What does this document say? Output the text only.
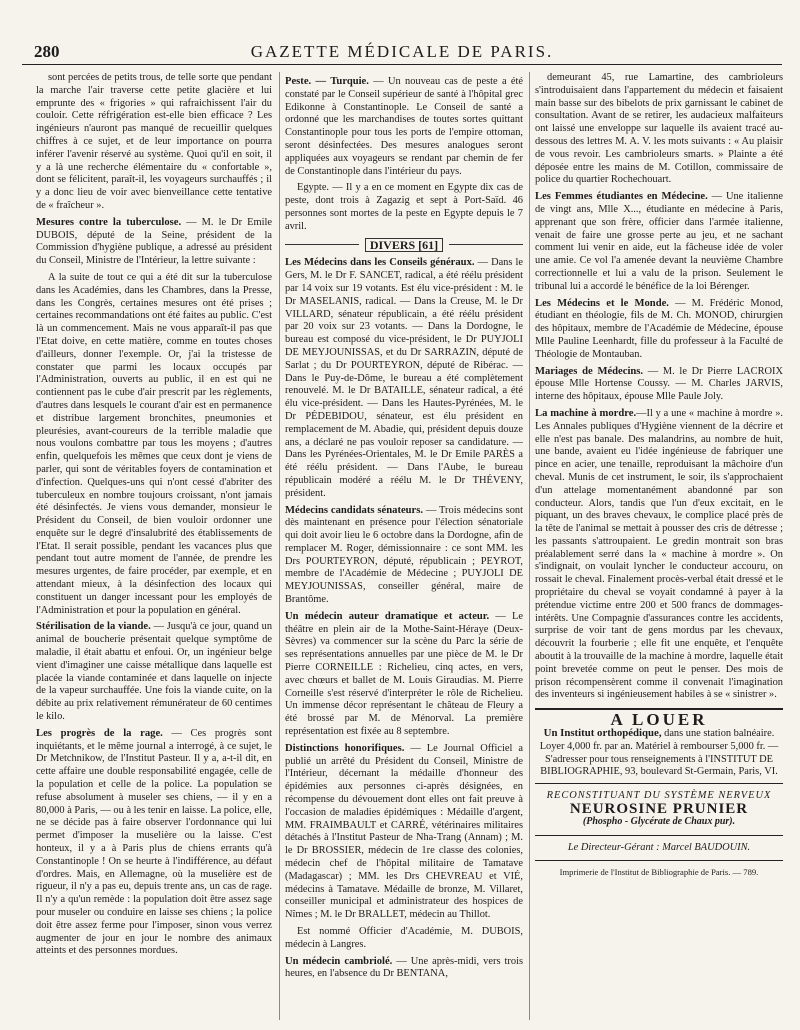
280	GAZETTE MÉDICALE DE PARIS.

sont percées de petits trous, de telle sorte que pendant la marche l'air traverse cette petite glacière et lui emprunte des « frigories » qui rafraichissent l'air du couloir. Cette réfrigération est-elle bien efficace ? Les ingénieurs n'auront pas manqué de recueillir quelques chiffres à ce sujet, et de leur importance on pourra inférer l'avenir réservé au système. Quoi qu'il en soit, il y a là une recherche élémentaire du « confortable », dont se félicitent, paraît-il, les voyageurs surchauffés ; il y a donc lieu de voir avec bienveillance cette tentative de « fraîcheur ».

Mesures contre la tuberculose. — M. le Dr Emile DUBOIS, député de la Seine, président de la Commission d'hygiène publique, a adressé au président du Conseil, Ministre de l'Intérieur, la lettre suivante :

A la suite de tout ce qui a été dit sur la tuberculose dans les Académies, dans les Chambres, dans la Presse, dans les Congrès, certaines mesures ont été prises ; certaines recommandations ont été faites au public. C'est là un commencement. Mais ne vous apparaît-il pas que l'Etat doive, en cette matière, comme en toutes choses d'ailleurs, donner l'exemple. Or, j'ai la tristesse de constater que parmi les locaux occupés par l'Administration, ouverts au public, il en est qui ne contiennent pas le cube d'air prescrit par les règlements, d'autres dans lesquels le courant d'air est en permanence et distribue largement bronchites, pneumonies et pleurésies, avant-coureurs de la terrible maladie que nous voulons combattre par tous les moyens ; d'autres enfin, quelquefois les mêmes que ceux dont je viens de parler, qui sont de véritables foyers de contamination et d'infection. Quelques-uns qui n'ont cessé d'abriter des tuberculeux en nombre toujours croissant, n'ont jamais été désinfectés. Je viens vous demander, monsieur le Président du Conseil, de bien vouloir ordonner une enquête sur le degré d'insalubrité des établissements de l'Etat. Il serait possible, pendant les vacances plus que pendant tout autre moment de l'année, de prendre les mesures urgentes, de faire procéder, par exemple, et en attendant mieux, à la désinfection des locaux qui constituent un danger incessant pour les employés de l'Administration et pour la population en général.

Stérilisation de la viande. — Jusqu'à ce jour, quand un animal de boucherie présentait quelque symptôme de maladie, il était abattu et enfoui. Or, un ingénieur belge vient d'imaginer une caisse métallique dans laquelle est placée la viande contaminée et dans laquelle on injecte de la vapeur surchauffée. Une fois la viande cuite, on la débite au prix relativement rémunérateur de 60 centimes le kilo.

Les progrès de la rage. — Ces progrès sont inquiétants, et le même journal a interrogé, à ce sujet, le Dr Metchnikow, de l'Institut Pasteur. Il y a, a-t-il dit, en cette affaire une double responsabilité engagée, celle de la population et celle de la police. La population se refuse absolument à museler ses chiens, — il y en a 80,000 à Paris, — ou à les tenir en laisse. La police, elle, ne se décide pas à faire observer l'ordonnance qui lui permet d'imposer la muselière ou la laisse. C'est honteux, il y a à Paris plus de chiens errants qu'à Constantinople ! On se heurte à l'indifférence, au défaut d'ordres. Mais, en Allemagne, où la muselière est de rigueur, il n'y a pas eu, depuis trente ans, un cas de rage. Il n'y a qu'un remède : la population doit être assez sage pour museler ou conduire en laisse ses chiens ; la police doit être assez ferme pour l'imposer, sinon vous verrez augmenter de jour en jour le nombre des animaux atteints et des personnes mordues.

Peste. — Turquie. — Un nouveau cas de peste a été constaté par le Conseil supérieur de santé à l'hôpital grec Edikonne à Constantinople. Le Conseil de santé a ordonné que les marchandises de toutes sortes quittant Constantinople pour tous les ports de l'empire ottoman, seront désinfectées. Des mesures analogues seront appliquées aux voyageurs se rendant par chemin de fer de Constantinople dans l'intérieur du pays.

Egypte. — Il y a en ce moment en Egypte dix cas de peste, dont trois à Zagazig et sept à Port-Saïd. 46 personnes sont mortes de la peste en Egypte depuis le 7 avril.

DIVERS [61]

Les Médecins dans les Conseils généraux. — Dans le Gers, M. le Dr F. SANCET, radical, a été réélu président par 14 voix sur 19 votants. Est élu vice-président : M. le Dr MASELANIS, radical. — Dans la Creuse, M. le Dr VILLARD, sénateur républicain, a été réélu président par 20 voix sur 23 votants. — Dans la Dordogne, le bureau est composé du vice-président, le Dr PUYJOLI DE MEYJOUNISSAS, et du Dr SARRAZIN, député de Sarlat ; du Dr POURTEYRON, député de Ribérac. — Dans le Puy-de-Dôme, le bureau a été complètement renouvelé. M. le Dr BATAILLE, sénateur radical, a été élu vice-président. — Dans les Hautes-Pyrénées, M. le Dr PÉDEBIDOU, sénateur, est élu président en remplacement de M. Abadie, qui, président depuis douze ans, a déclaré ne pas vouloir reposer sa candidature. — Dans les Pyrénées-Orientales, M. le Dr Emile PARÈS a été réélu président. — Dans l'Aube, le bureau républicain modéré a réélu M. le Dr THÉVENY, président.

Médecins candidats sénateurs. — Trois médecins sont dès maintenant en présence pour l'élection sénatoriale qui doit avoir lieu le 6 octobre dans la Dordogne, afin de remplacer M. Roger, démissionnaire : ce sont MM. les Drs POURTEYRON, député, républicain ; PEYROT, membre de l'Académie de Médecine ; PUYJOLI DE MEYJOUNISSAS, conseiller général, maire de Brantôme.

Un médecin auteur dramatique et acteur. — Le théâtre en plein air de la Mothe-Saint-Héraye (Deux-Sèvres) va commencer sur la scène du Parc la série de ses représentations annuelles par une pièce de M. le Dr Pierre CORNEILLE : Richelieu, cinq actes, en vers, avec chœurs et ballet de M. Louis Giraudias. M. Pierre Corneille s'est réservé d'interpréter le rôle de Richelieu. Un immense décor représentant le château de Fleury a été brossé par M. de Ménorval. La première représentation est fixée au 8 septembre.

Distinctions honorifiques. — Le Journal Officiel a publié un arrêté du Président du Conseil, Ministre de l'Intérieur, décernant la médaille d'honneur des épidémies aux personnes ci-après désignées, en récompense du dévouement dont elles ont fait preuve à l'occasion de maladies épidémiques : Médaille d'argent, MM. FRAIMBAULT et CARRÉ, vétérinaires militaires détachés à l'Institut Pasteur de Nha-Trang (Annam) ; M. le Dr BROSSIER, médecin de 1re classe des colonies, médecin chef de l'hôpital militaire de Tamatave (Madagascar) ; MM. les Drs CHEVREAU et VIÉ, médecins à Tamatave. Médaille de bronze, M. Villaret, conseiller municipal et administrateur des hospices de Nîmes ; M. le Dr BRALLET, médecin au Thillot.

Est nommé Officier d'Académie, M. DUBOIS, médecin à Langres.

Un médecin cambriolé. — Une après-midi, vers trois heures, en l'absence du Dr BENTANA,

demeurant 45, rue Lamartine, des cambrioleurs s'introduisaient dans l'appartement du médecin et faisaient main basse sur des bibelots de prix garnissant le cabinet de consultation. Avant de se retirer, les audacieux malfaiteurs ont laissé une enveloppe sur laquelle ils avaient tracé au-dessous des lettres M. A. V. les mots suivants : « Au plaisir de vous revoir. Les cambrioleurs smarts. » Plainte a été déposée entre les mains de M. Cotillon, commissaire de police du quartier Rochechouart.

Les Femmes étudiantes en Médecine. — Une italienne de vingt ans, Mlle X..., étudiante en médecine à Paris, apprenant que son frère, officier dans l'armée italienne, venait de faire une grosse perte au jeu, et ne sachant comment lui venir en aide, eut la fâcheuse idée de voler une amie. Ce vol l'a amenée devant la neuvième Chambre correctionnelle et lui a valu de la prison. Seulement le tribunal lui a accordé le bénéfice de la loi Bérenger.

Les Médecins et le Monde. — M. Frédéric Monod, étudiant en théologie, fils de M. Ch. MONOD, chirurgien des hôpitaux, membre de l'Académie de Médecine, épouse Mlle Pauline Leenhardt, fille du professeur à la Faculté de Théologie de Montauban.

Mariages de Médecins. — M. le Dr Pierre LACROIX épouse Mlle Hortense Coussy. — M. Charles JARVIS, interne des hôpitaux, épouse Mlle Paule Joly.

La machine à mordre.—Il y a une « machine à mordre ». Les Annales publiques d'Hygiène viennent de la décrire et elle n'est pas banale. Des malandrins, au nombre de huit, une bande, avaient eu l'idée ingénieuse de fabriquer une pince en acier, une tenaille, reproduisant la mâchoire d'un cheval. Munis de cet instrument, le soir, ils s'approchaient d'un attelage momentanément abandonné par son conducteur. Alors, tandis que l'un d'eux excitait, en le piquant, un des braves chevaux, le complice placé près de la tête de l'animal se mettait à pousser des cris de détresse ; les passants s'attroupaient. Le gredin montrait son bras préalablement serré dans la « machine à mordre ». On s'indignait, on voulait lyncher le conducteur accouru, on rossait le cheval. Finalement procès-verbal était dressé et le propriétaire du cheval se voyait condamné à payer à la prétendue victime entre 200 et 500 francs de dommages-intérêts. Une Compagnie d'assurances contre les accidents, surprise de voir tant de gens mordus par les chevaux, découvrit la fourberie ; elle fit une enquête, et l'enquête aboutit à la trouvaille de la machine à mordre, laquelle était point brevetée comme on peut le penser. Des mois de prison récompensèrent comme il convenait l'imagination des inventeurs si ingénieusement habiles à se « sinistrer ».

A LOUER
Un Institut orthopédique, dans une station balnéaire. Loyer 4,000 fr. par an. Matériel à rembourser 5,000 fr. — S'adresser pour tous renseignements à l'INSTITUT DE BIBLIOGRAPHIE, 93, boulevard St-Germain, Paris, VI.
RECONSTITUANT DU SYSTÈME NERVEUX
NEUROSINE PRUNIER
(Phospho - Glycérate de Chaux pur).
Le Directeur-Gérant : Marcel BAUDOUIN.
Imprimerie de l'Institut de Bibliographie de Paris. — 789.
